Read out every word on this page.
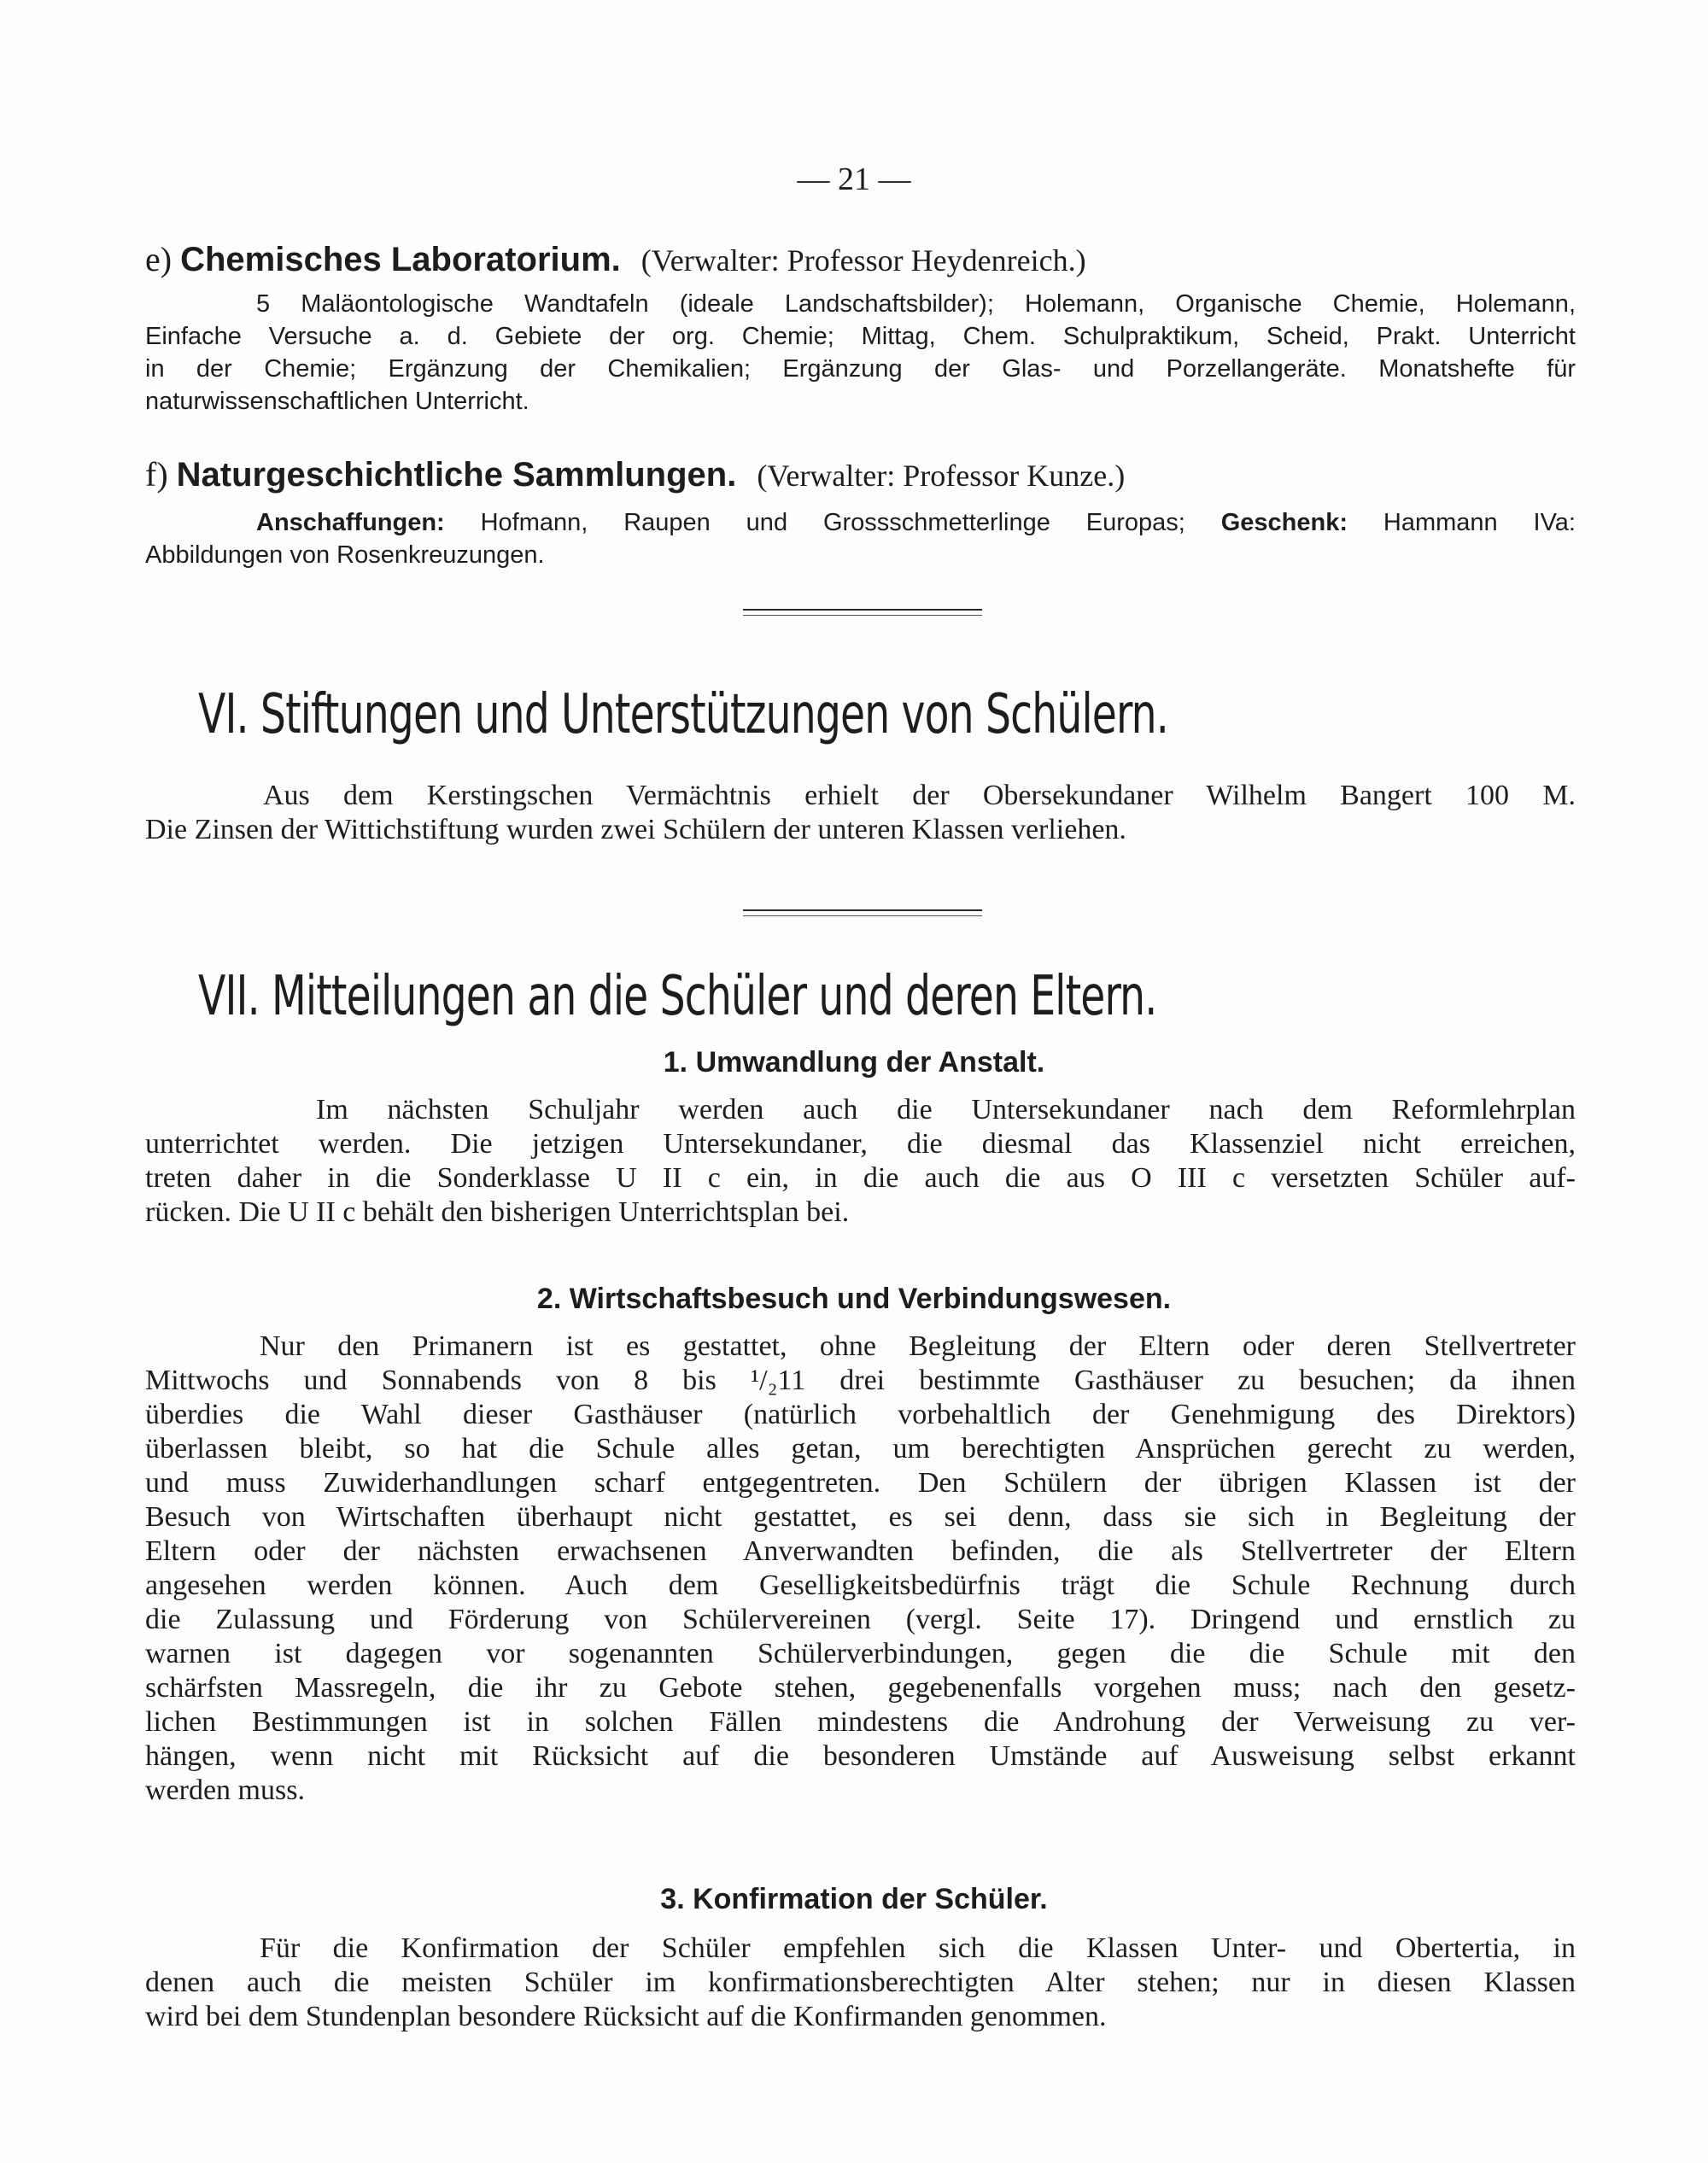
— 21 —
e) Chemisches Laboratorium. (Verwalter: Professor Heydenreich.)
5 Maläontologische Wandtafeln (ideale Landschaftsbilder); Holemann, Organische Chemie, Holemann,
Einfache Versuche a. d. Gebiete der org. Chemie; Mittag, Chem. Schulpraktikum, Scheid, Prakt. Unterricht
in der Chemie; Ergänzung der Chemikalien; Ergänzung der Glas- und Porzellangeräte. Monatshefte für
naturwissenschaftlichen Unterricht.
f) Naturgeschichtliche Sammlungen. (Verwalter: Professor Kunze.)
Anschaffungen: Hofmann, Raupen und Grossschmetterlinge Europas; Geschenk: Hammann IVa:
Abbildungen von Rosenkreuzungen.
VI. Stiftungen und Unterstützungen von Schülern.
Aus dem Kerstingschen Vermächtnis erhielt der Obersekundaner Wilhelm Bangert 100 M.
Die Zinsen der Wittichstiftung wurden zwei Schülern der unteren Klassen verliehen.
VII. Mitteilungen an die Schüler und deren Eltern.
1. Umwandlung der Anstalt.
Im nächsten Schuljahr werden auch die Untersekundaner nach dem Reformlehrplan
unterrichtet werden. Die jetzigen Untersekundaner, die diesmal das Klassenziel nicht erreichen,
treten daher in die Sonderklasse U II c ein, in die auch die aus O III c versetzten Schüler auf-
rücken. Die U II c behält den bisherigen Unterrichtsplan bei.
2. Wirtschaftsbesuch und Verbindungswesen.
Nur den Primanern ist es gestattet, ohne Begleitung der Eltern oder deren Stellvertreter
Mittwochs und Sonnabends von 8 bis ¹/₂11 drei bestimmte Gasthäuser zu besuchen; da ihnen
überdies die Wahl dieser Gasthäuser (natürlich vorbehaltlich der Genehmigung des Direktors)
überlassen bleibt, so hat die Schule alles getan, um berechtigten Ansprüchen gerecht zu werden,
und muss Zuwiderhandlungen scharf entgegentreten. Den Schülern der übrigen Klassen ist der
Besuch von Wirtschaften überhaupt nicht gestattet, es sei denn, dass sie sich in Begleitung der
Eltern oder der nächsten erwachsenen Anverwandten befinden, die als Stellvertreter der Eltern
angesehen werden können. Auch dem Geselligkeitsbedürfnis trägt die Schule Rechnung durch
die Zulassung und Förderung von Schülervereinen (vergl. Seite 17). Dringend und ernstlich zu
warnen ist dagegen vor sogenannten Schülerverbindungen, gegen die die Schule mit den
schärfsten Massregeln, die ihr zu Gebote stehen, gegebenenfalls vorgehen muss; nach den gesetz-
lichen Bestimmungen ist in solchen Fällen mindestens die Androhung der Verweisung zu ver-
hängen, wenn nicht mit Rücksicht auf die besonderen Umstände auf Ausweisung selbst erkannt
werden muss.
3. Konfirmation der Schüler.
Für die Konfirmation der Schüler empfehlen sich die Klassen Unter- und Obertertia, in
denen auch die meisten Schüler im konfirmationsberechtigten Alter stehen; nur in diesen Klassen
wird bei dem Stundenplan besondere Rücksicht auf die Konfirmanden genommen.
